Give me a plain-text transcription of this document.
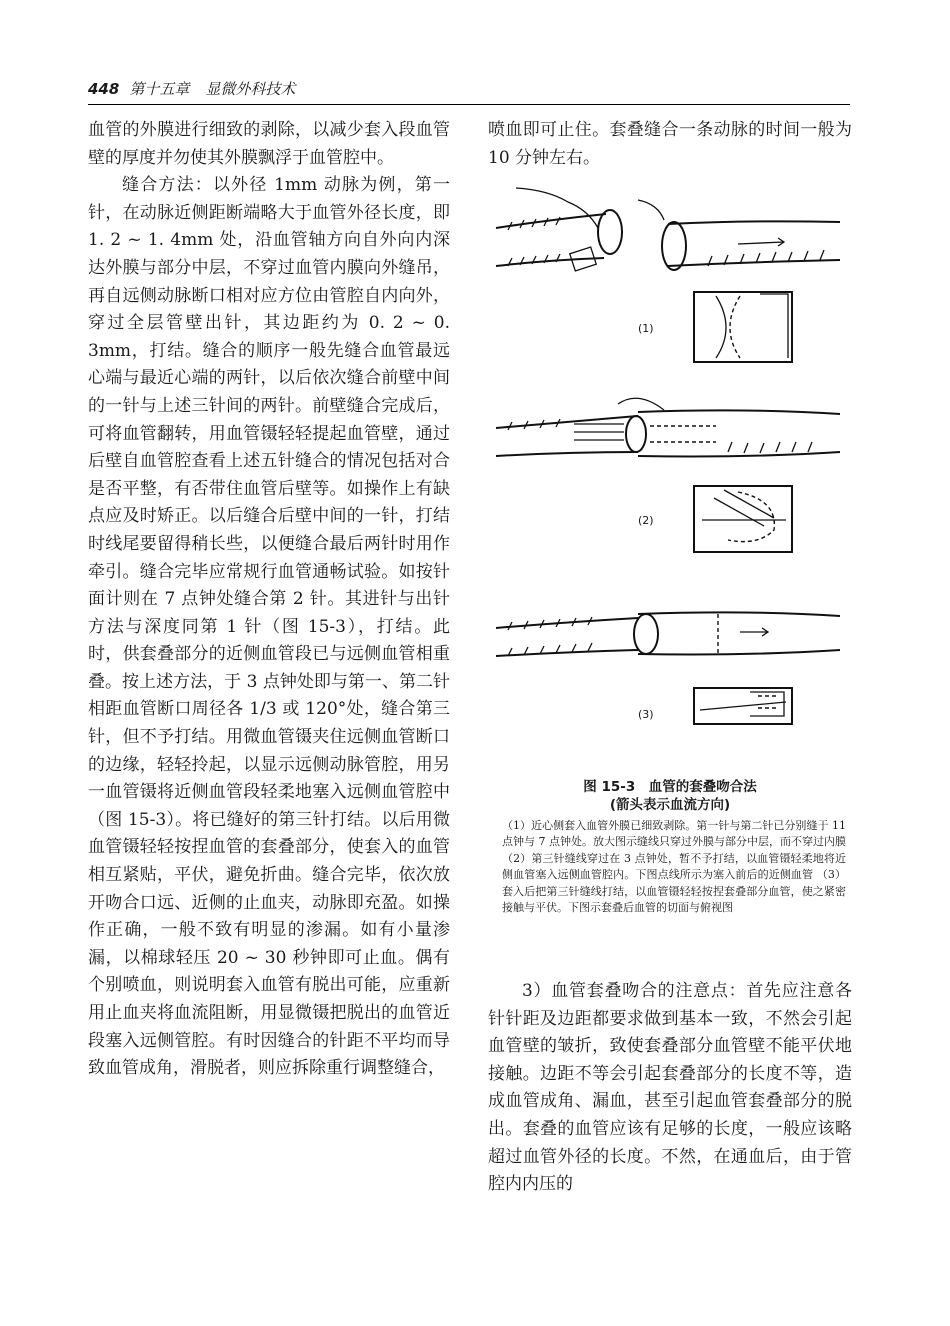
448 第十五章 显微外科技术

血管的外膜进行细致的剥除，以减少套入段血管壁的厚度并勿使其外膜飘浮于血管腔中。

缝合方法：以外径 1mm 动脉为例，第一针，在动脉近侧距断端略大于血管外径长度，即 1. 2 ~ 1. 4mm 处，沿血管轴方向自外向内深达外膜与部分中层，不穿过血管内膜向外缝吊，再自远侧动脉断口相对应方位由管腔自内向外，穿过全层管壁出针，其边距约为 0. 2 ~ 0. 3mm，打结。缝合的顺序一般先缝合血管最远心端与最近心端的两针，以后依次缝合前壁中间的一针与上述三针间的两针。前壁缝合完成后，可将血管翻转，用血管镊轻轻提起血管壁，通过后壁自血管腔查看上述五针缝合的情况包括对合是否平整，有否带住血管后壁等。如操作上有缺点应及时矫正。以后缝合后壁中间的一针，打结时线尾要留得稍长些，以便缝合最后两针时用作牵引。缝合完毕应常规行血管通畅试验。如按针面计则在 7 点钟处缝合第 2 针。其进针与出针方法与深度同第 1 针（图 15-3），打结。此时，供套叠部分的近侧血管段已与远侧血管相重叠。按上述方法，于 3 点钟处即与第一、第二针相距血管断口周径各 1/3 或 120°处，缝合第三针，但不予打结。用微血管镊夹住远侧血管断口的边缘，轻轻拎起，以显示远侧动脉管腔，用另一血管镊将近侧血管段轻柔地塞入远侧血管腔中（图 15-3）。将已缝好的第三针打结。以后用微血管镊轻轻按捏血管的套叠部分，使套入的血管相互紧贴，平伏，避免折曲。缝合完毕，依次放开吻合口远、近侧的止血夹，动脉即充盈。如操作正确，一般不致有明显的渗漏。如有小量渗漏，以棉球轻压 20 ~ 30 秒钟即可止血。偶有个别喷血，则说明套入血管有脱出可能，应重新用止血夹将血流阻断，用显微镊把脱出的血管近段塞入远侧管腔。有时因缝合的针距不平均而导致血管成角，滑脱者，则应拆除重行调整缝合，

喷血即可止住。套叠缝合一条动脉的时间一般为 10 分钟左右。

(1)
(2)
(3)
图 15-3　血管的套叠吻合法
(箭头表示血流方向)

（1）近心侧套入血管外膜已细致剥除。第一针与第二针已分别缝于 11 点钟与 7 点钟处。放大图示缝线只穿过外膜与部分中层，而不穿过内膜 （2）第三针缝线穿过在 3 点钟处，暂不予打结，以血管镊轻柔地将近侧血管塞入远侧血管腔内。下图点线所示为塞入前后的近侧血管 （3）套入后把第三针缝线打结，以血管镊轻轻按捏套叠部分血管，使之紧密接触与平伏。下图示套叠后血管的切面与俯视图

3）血管套叠吻合的注意点：首先应注意各针针距及边距都要求做到基本一致，不然会引起血管壁的皱折，致使套叠部分血管壁不能平伏地接触。边距不等会引起套叠部分的长度不等，造成血管成角、漏血，甚至引起血管套叠部分的脱出。套叠的血管应该有足够的长度，一般应该略超过血管外径的长度。不然，在通血后，由于管腔内内压的
